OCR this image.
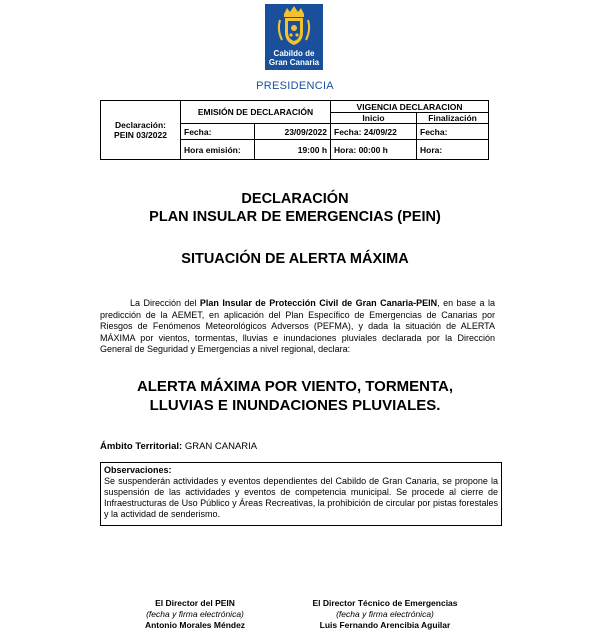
Cabildo de
Gran Canaria
PRESIDENCIA
Declaración:
PEIN 03/2022	EMISIÓN DE DECLARACIÓN		VIGENCIA DECLARACION	
			Inicio	Finalización
	Fecha:	23/09/2022	Fecha: 24/09/22	Fecha:
	Hora emisión:	19:00 h	Hora: 00:00 h	Hora:
DECLARACIÓN
PLAN INSULAR DE EMERGENCIAS (PEIN)
SITUACIÓN DE ALERTA MÁXIMA
La Dirección del Plan Insular de Protección Civil de Gran Canaria-PEIN, en base a la predicción de la AEMET, en aplicación del Plan Específico de Emergencias de Canarias por Riesgos de Fenómenos Meteorológicos Adversos (PEFMA), y dada la situación de ALERTA MÁXIMA por vientos, tormentas, lluvias e inundaciones pluviales declarada por la Dirección General de Seguridad y Emergencias a nivel regional, declara:
ALERTA MÁXIMA POR VIENTO, TORMENTA,
LLUVIAS E INUNDACIONES PLUVIALES.
Ámbito Territorial: GRAN CANARIA
Observaciones:
Se suspenderán actividades y eventos dependientes del Cabildo de Gran Canaria, se propone la suspensión de las actividades y eventos de competencia municipal. Se procede al cierre de Infraestructuras de Uso Público y Áreas Recreativas, la prohibición de circular por pistas forestales y la actividad de senderismo.
El Director del PEIN
(fecha y firma electrónica)
Antonio Morales Méndez
El Director Técnico de Emergencias
(fecha y firma electrónica)
Luis Fernando Arencibia Aguilar
